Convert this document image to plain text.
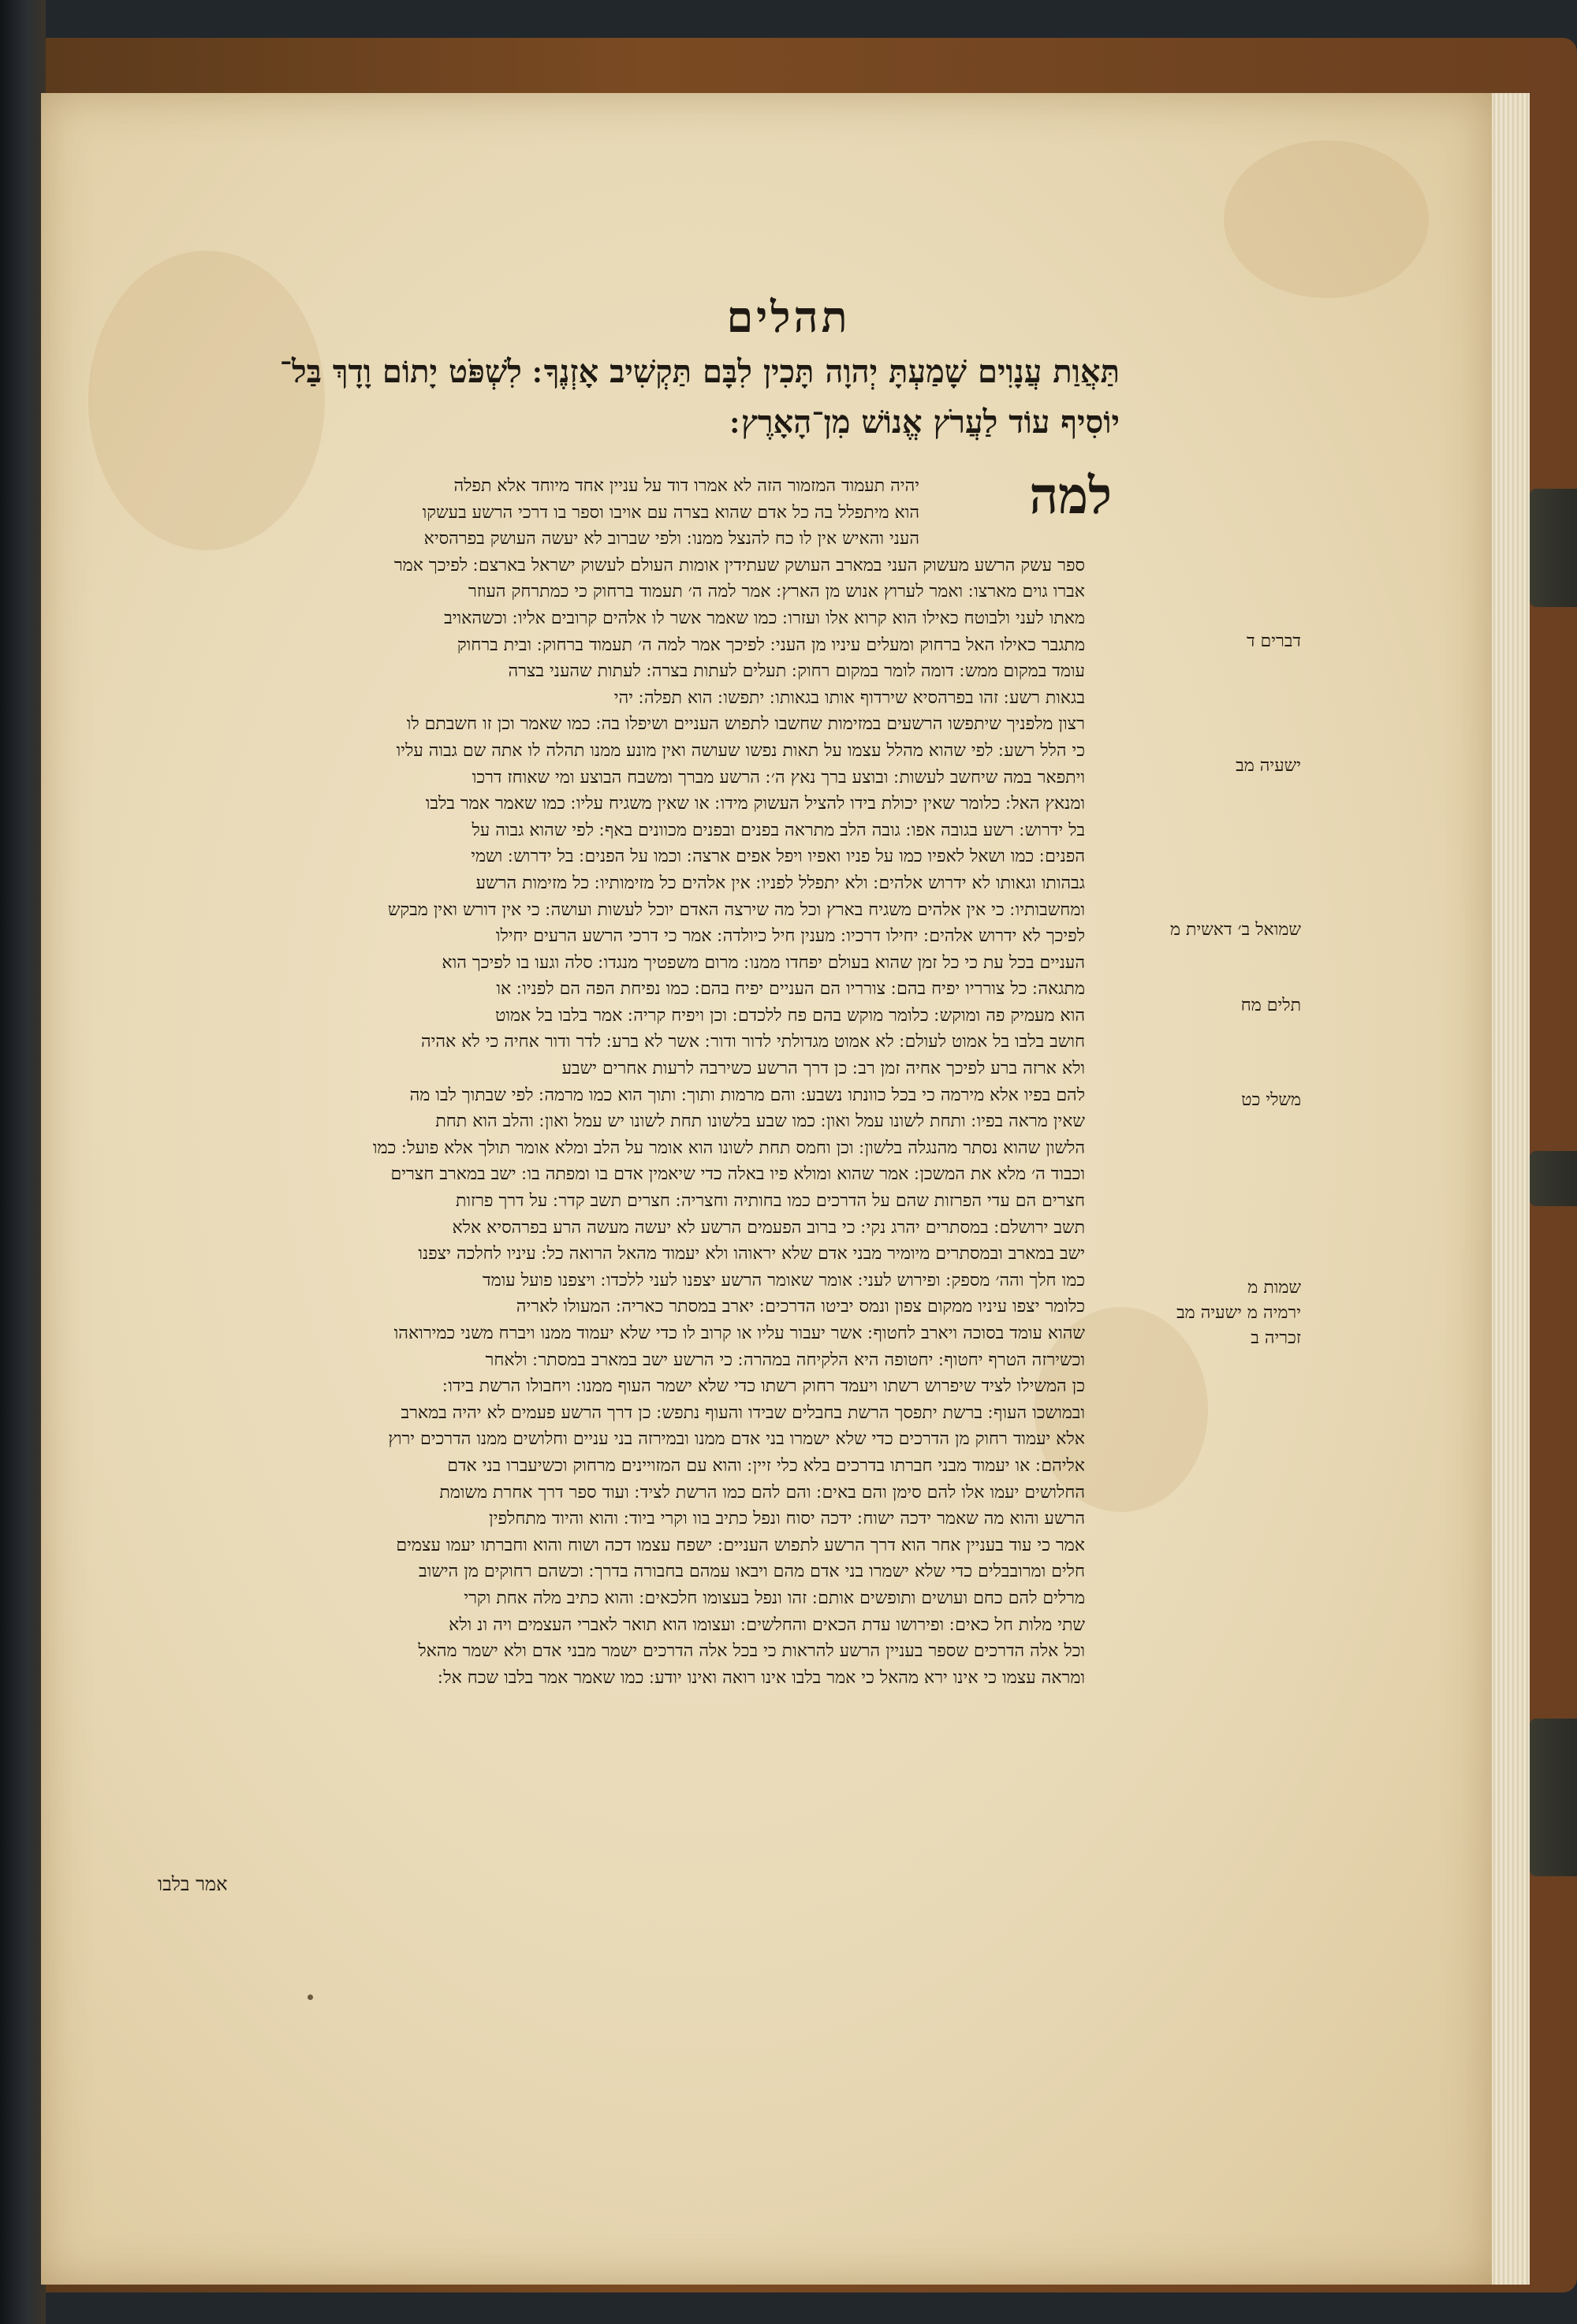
תהלים
תַּאֲוַת עֲנָוִים שָׁמַעְתָּ יְהוָה תָּכִין לִבָּם תַּקְשִׁיב אָזְנֶךָ ׃ לִשְׁפֹּט יָתוֹם וָדָךְ בַּל־
יוֹסִיף עוֹד לַעֲרֹץ אֱנוֹשׁ מִן־הָאָרֶץ ׃
למה
יהיה תעמוד המזמור הזה לא אמרו דוד על עניין אחד מיוחד אלא תפלה
הוא מיתפלל בה כל אדם שהוא בצרה עם אויבו וספר בו דרכי הרשע בעשקו
העני והאיש אין לו כח להנצל ממנו ׃ ולפי שברוב לא יעשה העושק בפרהסיא
ספר עשק הרשע מעשוק העני במארב העושק שעתידין אומות העולם לעשוק ישראל בארצם ׃ לפיכך אמר
אברו גוים מארצו ׃ ואמר לערוץ אנוש מן הארץ ׃ אמר למה ה׳ תעמוד ברחוק כי כמתרחק העוזר
מאתו לעני ולבוטח כאילו הוא קרוא אלו ועזרו ׃ כמו שאמר אשר לו אלהים קרובים אליו ׃ וכשהאויב
מתגבר כאילו האל ברחוק ומעלים עיניו מן העני ׃ לפיכך אמר למה ה׳ תעמוד ברחוק ׃ ובית ברחוק
עומד במקום ממש ׃ דומה לומר במקום רחוק ׃ תעלים לעתות בצרה ׃ לעתות שהעני בצרה
בגאות רשע ׃ זהו בפרהסיא שירדוף אותו בגאותו ׃ יתפשו ׃ הוא תפלה ׃ יהי
רצון מלפניך שיתפשו הרשעים במזימות שחשבו לתפוש העניים ושיפלו בה ׃ כמו שאמר וכן זו חשבתם לו
כי הלל רשע ׃ לפי שהוא מהלל עצמו על תאות נפשו שעושה ואין מונע ממנו תהלה לו אתה שם גבוה עליו
ויתפאר במה שיחשב לעשות ׃ ובוצע ברך נאץ ה׳ ׃ הרשע מברך ומשבח הבוצע ומי שאוחז דרכו
ומנאץ האל ׃ כלומר שאין יכולת בידו להציל העשוק מידו ׃ או שאין משגיח עליו ׃ כמו שאמר אמר בלבו
בל ידרוש ׃ רשע בגובה אפו ׃ גובה הלב מתראה בפנים ובפנים מכוונים באף ׃ לפי שהוא גבוה על
הפנים ׃ כמו ושאל לאפיו כמו על פניו ואפיו ויפל אפים ארצה ׃ וכמו על הפנים ׃ בל ידרוש ׃ ושמי
גבהותו וגאותו לא ידרוש אלהים ׃ ולא יתפלל לפניו ׃ אין אלהים כל מזימותיו ׃ כל מזימות הרשע
ומחשבותיו ׃ כי אין אלהים משגיח בארץ וכל מה שירצה האדם יוכל לעשות ועושה ׃ כי אין דורש ואין מבקש
לפיכך לא ידרוש אלהים ׃ יחילו דרכיו ׃ מענין חיל כיולדה ׃ אמר כי דרכי הרשע הרעים יחילו
העניים בכל עת כי כל זמן שהוא בעולם יפחדו ממנו ׃ מרום משפטיך מנגדו ׃ סלה וגעו בו לפיכך הוא
מתגאה ׃ כל צורריו יפיח בהם ׃ צורריו הם העניים יפיח בהם ׃ כמו נפיחת הפה הם לפניו ׃ או
הוא מעמיק פה ומוקש ׃ כלומר מוקש בהם פח ללכדם ׃ וכן ויפיח קריה ׃ אמר בלבו בל אמוט
חושב בלבו בל אמוט לעולם ׃ לא אמוט מגדולתי לדור ודור ׃ אשר לא ברע ׃ לדר ודור אחיה כי לא אהיה
ולא ארזה ברע לפיכך אחיה זמן רב ׃ כן דרך הרשע כשירבה לרעות אחרים ישבע
להם בפיו אלא מירמה כי בכל כוונתו נשבע ׃ והם מרמות ותוך ׃ ותוך הוא כמו מרמה ׃ לפי שבתוך לבו מה
שאין מראה בפיו ׃ ותחת לשונו עמל ואון ׃ כמו שבע בלשונו תחת לשונו יש עמל ואון ׃ והלב הוא תחת
הלשון שהוא נסתר מהנגלה בלשון ׃ וכן וחמס תחת לשונו הוא אומר על הלב ומלא אומר תולך אלא פועל ׃ כמו
וכבוד ה׳ מלא את המשכן ׃ אמר שהוא ומולא פיו באלה כדי שיאמין אדם בו ומפתה בו ׃ ישב במארב חצרים
חצרים הם עדי הפרזות שהם על הדרכים כמו בחותיה וחצריה ׃ חצרים תשב קדר ׃ על דרך פרזות
תשב ירושלם ׃ במסתרים יהרג נקי ׃ כי ברוב הפעמים הרשע לא יעשה מעשה הרע בפרהסיא אלא
ישב במארב ובמסתרים מיומיר מבני אדם שלא יראוהו ולא יעמוד מהאל הרואה כל ׃ עיניו לחלכה יצפנו
כמו חלך והה׳ מספק ׃ ופירוש לעני ׃ אומר שאומר הרשע יצפנו לעני ללכדו ׃ ויצפנו פועל עומד
כלומר יצפו עיניו ממקום צפון ונמס יביטו הדרכים ׃ יארב במסתר כאריה ׃ המעולו לאריה
שהוא עומד בסוכה ויארב לחטוף ׃ אשר יעבור עליו או קרוב לו כדי שלא יעמוד ממנו ויברח משני כמירואהו
וכשירזה הטרף יחטוף ׃ יחטופה היא הלקיחה במהרה ׃ כי הרשע ישב במארב במסתר ׃ ולאחר
כן המשילו לציד שיפרוש רשתו ויעמד רחוק רשתו כדי שלא ישמר העוף ממנו ׃ ויחבולו הרשת בידו ׃
ובמושכו העוף ׃ ברשת יתפסך הרשת בחבלים שבידו והעוף נתפש ׃ כן דרך הרשע פעמים לא יהיה במארב
אלא יעמוד רחוק מן הדרכים כדי שלא ישמרו בני אדם ממנו ובמירזה בני עניים וחלושים ממנו הדרכים ירוץ
אליהם ׃ או יעמוד מבני חברתו בדרכים בלא כלי זיין ׃ והוא עם המזויינים מרחוק וכשיעברו בני אדם
החלושים יעמו אלו להם סימן והם באים ׃ והם להם כמו הרשת לציד ׃ ועוד ספר דרך אחרת משומת
הרשע והוא מה שאמר ידכה ישוח ׃ ידכה יסוח ונפל כתיב בוו וקרי ביוד ׃ והוא והיוד מתחלפין
אמר כי עוד בעניין אחר הוא דרך הרשע לתפוש העניים ׃ ישפח עצמו דכה ושוח והוא וחברתו יעמו עצמים
חלים ומרובבלים כדי שלא ישמרו בני אדם מהם ויבאו עמהם בחבורה בדרך ׃ וכשהם רחוקים מן הישוב
מרלים להם כחם ועושים ותופשים אותם ׃ זהו ונפל בעצומו חלכאים ׃ והוא כתיב מלה אחת וקרי
שתי מלות חל כאים ׃ ופירושו עדת הכאים והחלשים ׃ ועצומו הוא תואר לאברי העצמים ויה ונ ולא
וכל אלה הדרכים שספר בעניין הרשע להראות כי בכל אלה הדרכים ישמר מבני אדם ולא ישמר מהאל
ומראה עצמו כי אינו ירא מהאל כי אמר בלבו אינו רואה ואינו יודע ׃ כמו שאמר אמר בלבו שכח אל ׃
אמר בלבו
דברים ד
ישעיה מב
שמואל ב׳ דאשית מ
תלים מח
משלי כט
שמות מ
ירמיה מ ישעיה מב
זכריה ב
